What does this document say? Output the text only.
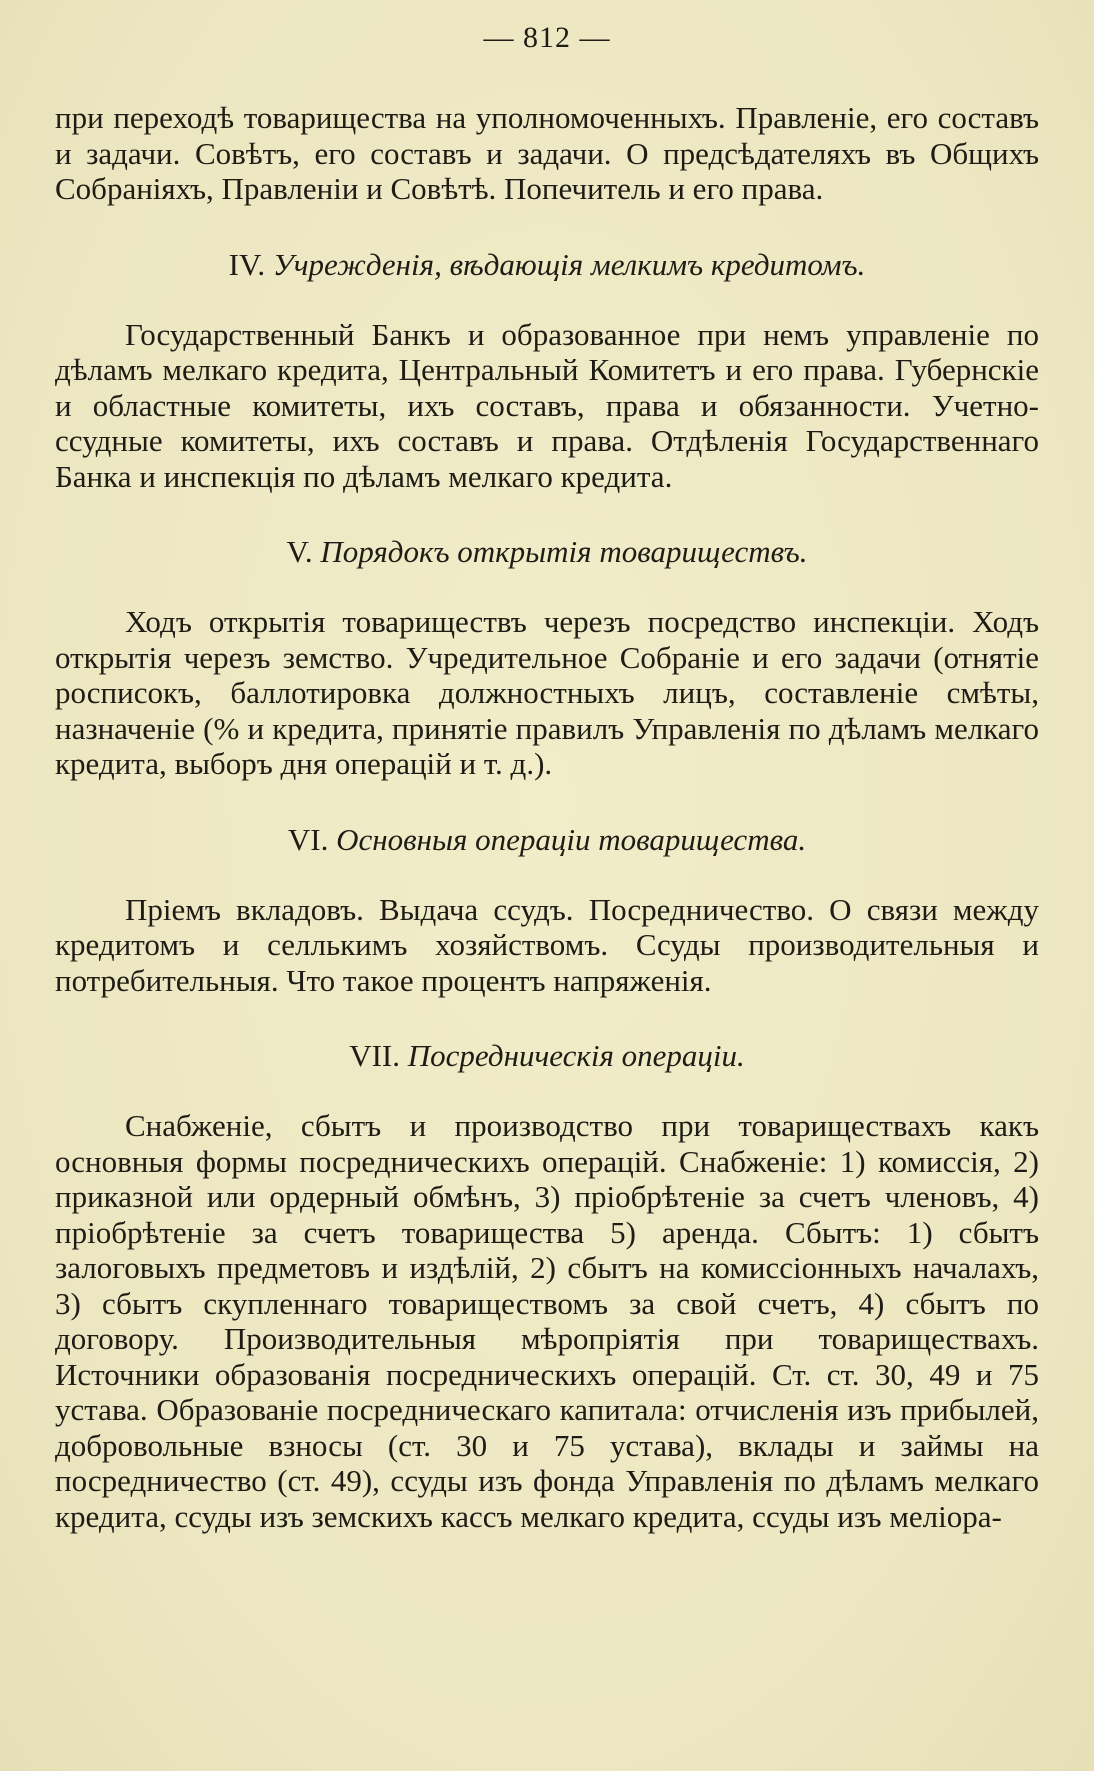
— 812 —

при переходѣ товарищества на уполномоченныхъ. Правленіе, его составъ и задачи. Совѣтъ, его составъ и задачи. О предсѣдателяхъ въ Общихъ Собраніяхъ, Правленіи и Совѣтѣ. Попечитель и его права.

IV. Учрежденія, вѣдающія мелкимъ кредитомъ.

Государственный Банкъ и образованное при немъ управленіе по дѣламъ мелкаго кредита, Центральный Комитетъ и его права. Губернскіе и областные комитеты, ихъ составъ, права и обязанности. Учетно-ссудные комитеты, ихъ составъ и права. Отдѣленія Государственнаго Банка и инспекція по дѣламъ мелкаго кредита.

V. Порядокъ открытія товариществъ.

Ходъ открытія товариществъ черезъ посредство инспекціи. Ходъ открытія черезъ земство. Учредительное Собраніе и его задачи (отнятіе росписокъ, баллотировка должностныхъ лицъ, составленіе смѣты, назначеніе (% и кредита, принятіе правилъ Управленія по дѣламъ мелкаго кредита, выборъ дня операцій и т. д.).

VI. Основныя операціи товарищества.

Пріемъ вкладовъ. Выдача ссудъ. Посредничество. О связи между кредитомъ и селлькимъ хозяйствомъ. Ссуды производительныя и потребительныя. Что такое процентъ напряженія.

VII. Посредническія операціи.

Снабженіе, сбытъ и производство при товариществахъ какъ основныя формы посредническихъ операцій. Снабженіе: 1) комиссія, 2) приказной или ордерный обмѣнъ, 3) пріобрѣтеніе за счетъ членовъ, 4) пріобрѣтеніе за счетъ товарищества 5) аренда. Сбытъ: 1) сбытъ залоговыхъ предметовъ и издѣлій, 2) сбытъ на комиссіонныхъ началахъ, 3) сбытъ скупленнаго товариществомъ за свой счетъ, 4) сбытъ по договору. Производительныя мѣропріятія при товариществахъ. Источники образованія посредническихъ операцій. Ст. ст. 30, 49 и 75 устава. Образованіе посредническаго капитала: отчисленія изъ прибылей, добровольные взносы (ст. 30 и 75 устава), вклады и займы на посредничество (ст. 49), ссуды изъ фонда Управленія по дѣламъ мелкаго кредита, ссуды изъ земскихъ кассъ мелкаго кредита, ссуды изъ меліора-
